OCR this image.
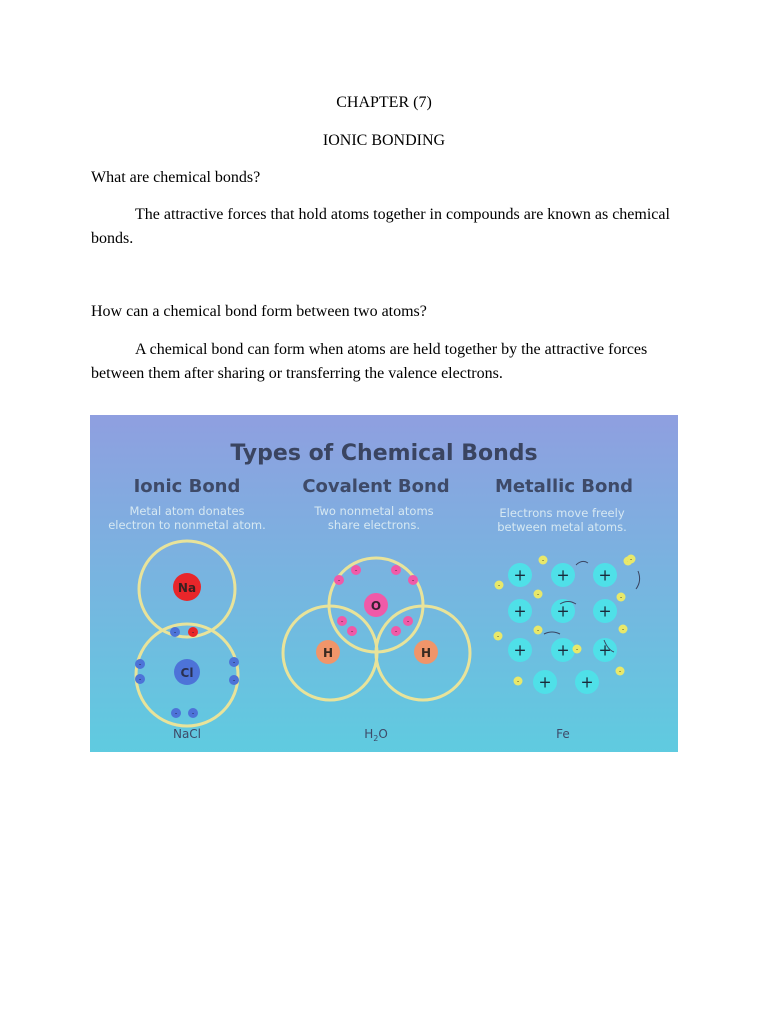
CHAPTER (7)
IONIC BONDING
What are chemical bonds?
The attractive forces that hold atoms together in compounds are known as chemical bonds.
How can a chemical bond form between two atoms?
A chemical bond can form when atoms are held together by the attractive forces between them after sharing or transferring the valence electrons.
Types of Chemical Bonds
Ionic Bond	Covalent Bond	Metallic Bond
Metal atom donates
electron to nonmetal atom.
Two nonmetal atoms
share electrons.
Electrons move freely
between metal atoms.
Na
Cl
- -
-
-
-
-
- -
O
H	H
-
-	-
-
-
-	-
-
+ + +
+ + +
+ + +
+ +
-
-
-	-
-
-	-
-
-
-
-
NaCl	$H_2O$	Fe
